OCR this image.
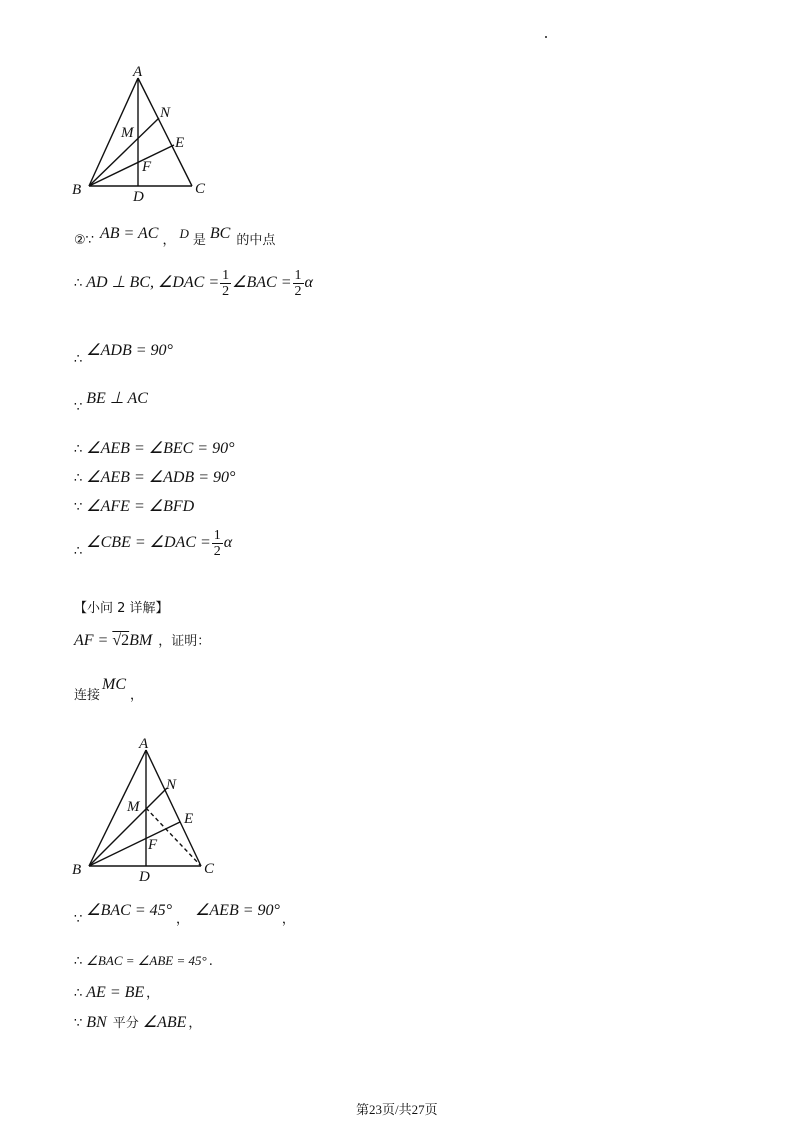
A
B	C
D
E
F
M
N
②∵ AB = AC ， D 是 BC 的中点
∴ AD ⊥ BC, ∠DAC = $\frac{1}{2}$ ∠BAC = $\frac{1}{2}$ α
$_\therefore$∠ADB = 90°
$_\because$BE ⊥ AC
∴ ∠AEB = ∠BEC = 90°
∴ ∠AEB = ∠ADB = 90°
∵ ∠AFE = ∠BFD
$_\therefore$∠CBE = ∠DAC = $\frac{1}{2}$ α
【小问 2 详解】
AF = √2BM ，证明：
$_{连接}MC_,$
A
B	C
D
E
F
M
N
$_\because$∠BAC = $45^\circ_,\angle AEB = 90^\circ_,$
∴ ∠BAC = ∠ABE = 45° .
∴ AE = BE ，
∵ BN 平分 ∠ABE ，
第23页/共27页
